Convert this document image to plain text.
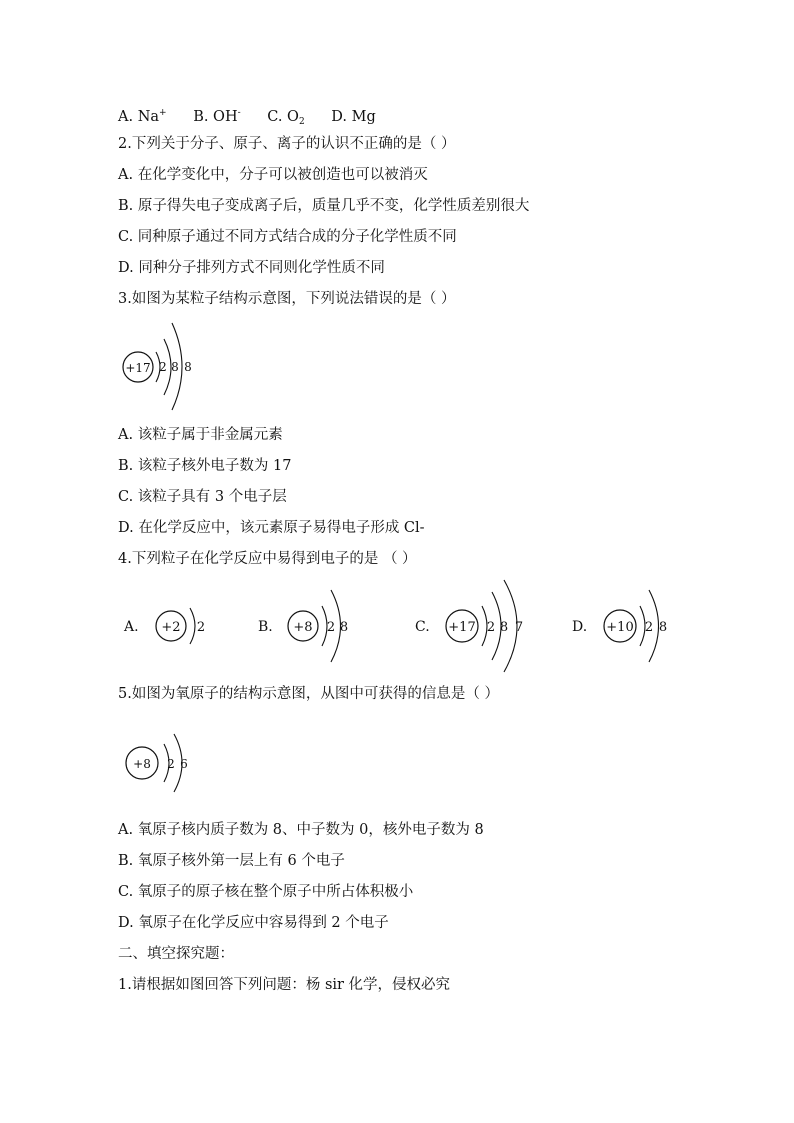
A. Na+ B. OH- C. $O_2$ D. Mg
2.下列关于分子、原子、离子的认识不正确的是（ ）
A. 在化学变化中，分子可以被创造也可以被消灭
B. 原子得失电子变成离子后，质量几乎不变，化学性质差别很大
C. 同种原子通过不同方式结合成的分子化学性质不同
D. 同种分子排列方式不同则化学性质不同
3.如图为某粒子结构示意图，下列说法错误的是（ ）
+17 2 8 8
A. 该粒子属于非金属元素
B. 该粒子核外电子数为 17
C. 该粒子具有 3 个电子层
D. 在化学反应中，该元素原子易得电子形成 Cl-
4.下列粒子在化学反应中易得到电子的是 （ ）
A. +2 2	B. +8 2 8	C. +17 2 8 7	D. +10 2 8
5.如图为氧原子的结构示意图，从图中可获得的信息是（ ）
+8 2 6
A. 氧原子核内质子数为 8、中子数为 0，核外电子数为 8
B. 氧原子核外第一层上有 6 个电子
C. 氧原子的原子核在整个原子中所占体积极小
D. 氧原子在化学反应中容易得到 2 个电子
二、填空探究题：
1.请根据如图回答下列问题：杨 sir 化学，侵权必究
